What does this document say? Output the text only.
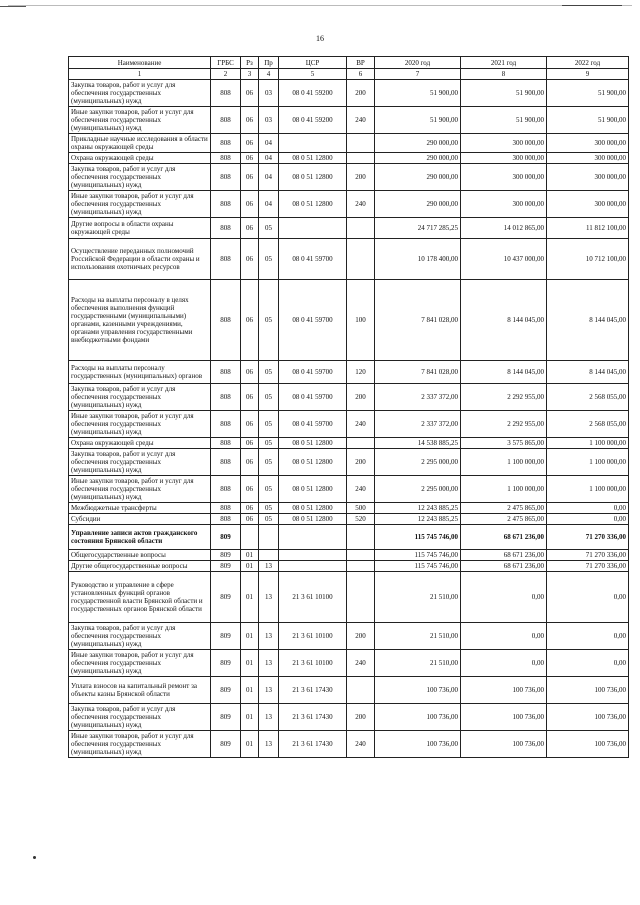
16
Наименование	ГРБС	Рз	Пр	ЦСР	ВР	2020 год	2021 год	2022 год
1	2	3	4	5	6	7	8	9
Закупка товаров, работ и услуг для обеспечения государственных (муниципальных) нужд	808	06	03	08 0 41 59200	200	51 900,00	51 900,00	51 900,00
Иные закупки товаров, работ и услуг для обеспечения государственных (муниципальных) нужд	808	06	03	08 0 41 59200	240	51 900,00	51 900,00	51 900,00
Прикладные научные исследования в области охраны окружающей среды	808	06	04			290 000,00	300 000,00	300 000,00
Охрана окружающей среды	808	06	04	08 0 51 12800		290 000,00	300 000,00	300 000,00
Закупка товаров, работ и услуг для обеспечения государственных (муниципальных) нужд	808	06	04	08 0 51 12800	200	290 000,00	300 000,00	300 000,00
Иные закупки товаров, работ и услуг для обеспечения государственных (муниципальных) нужд	808	06	04	08 0 51 12800	240	290 000,00	300 000,00	300 000,00
Другие вопросы в области охраны окружающей среды	808	06	05			24 717 285,25	14 012 865,00	11 812 100,00
Осуществление переданных полномочий Российской Федерации в области охраны и использования охотничьих ресурсов	808	06	05	08 0 41 59700		10 178 400,00	10 437 000,00	10 712 100,00
Расходы на выплаты персоналу в целях обеспечения выполнения функций государственными (муниципальными) органами, казенными учреждениями, органами управления государственными внебюджетными фондами	808	06	05	08 0 41 59700	100	7 841 028,00	8 144 045,00	8 144 045,00
Расходы на выплаты персоналу государственных (муниципальных) органов	808	06	05	08 0 41 59700	120	7 841 028,00	8 144 045,00	8 144 045,00
Закупка товаров, работ и услуг для обеспечения государственных (муниципальных) нужд	808	06	05	08 0 41 59700	200	2 337 372,00	2 292 955,00	2 568 055,00
Иные закупки товаров, работ и услуг для обеспечения государственных (муниципальных) нужд	808	06	05	08 0 41 59700	240	2 337 372,00	2 292 955,00	2 568 055,00
Охрана окружающей среды	808	06	05	08 0 51 12800		14 538 885,25	3 575 865,00	1 100 000,00
Закупка товаров, работ и услуг для обеспечения государственных (муниципальных) нужд	808	06	05	08 0 51 12800	200	2 295 000,00	1 100 000,00	1 100 000,00
Иные закупки товаров, работ и услуг для обеспечения государственных (муниципальных) нужд	808	06	05	08 0 51 12800	240	2 295 000,00	1 100 000,00	1 100 000,00
Межбюджетные трансферты	808	06	05	08 0 51 12800	500	12 243 885,25	2 475 865,00	0,00
Субсидии	808	06	05	08 0 51 12800	520	12 243 885,25	2 475 865,00	0,00
Управление записи актов гражданского состояния Брянской области	809					115 745 746,00	68 671 236,00	71 270 336,00
Общегосударственные вопросы	809	01				115 745 746,00	68 671 236,00	71 270 336,00
Другие общегосударственные вопросы	809	01	13			115 745 746,00	68 671 236,00	71 270 336,00
Руководство и управление в сфере установленных функций органов государственной власти Брянской области и государственных органов Брянской области	809	01	13	21 3 61 10100		21 510,00	0,00	0,00
Закупка товаров, работ и услуг для обеспечения государственных (муниципальных) нужд	809	01	13	21 3 61 10100	200	21 510,00	0,00	0,00
Иные закупки товаров, работ и услуг для обеспечения государственных (муниципальных) нужд	809	01	13	21 3 61 10100	240	21 510,00	0,00	0,00
Уплата взносов на капитальный ремонт за объекты казны Брянской области	809	01	13	21 3 61 17430		100 736,00	100 736,00	100 736,00
Закупка товаров, работ и услуг для обеспечения государственных (муниципальных) нужд	809	01	13	21 3 61 17430	200	100 736,00	100 736,00	100 736,00
Иные закупки товаров, работ и услуг для обеспечения государственных (муниципальных) нужд	809	01	13	21 3 61 17430	240	100 736,00	100 736,00	100 736,00
